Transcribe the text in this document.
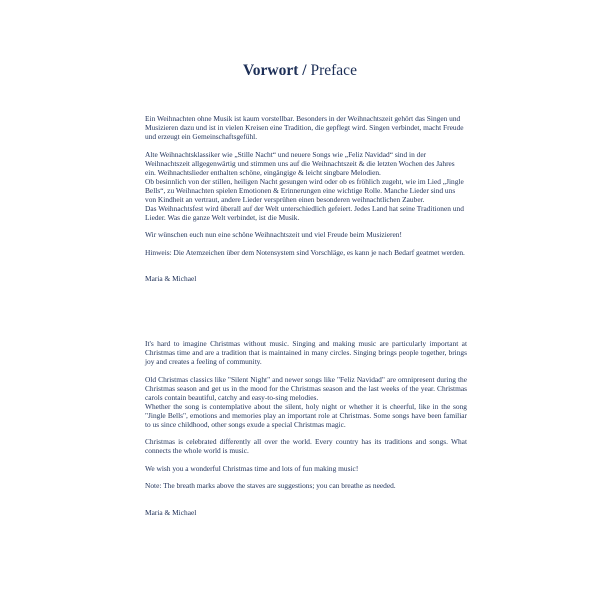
Vorwort / Preface

Ein Weihnachten ohne Musik ist kaum vorstellbar. Besonders in der Weihnachtszeit gehört das Singen und Musizieren dazu und ist in vielen Kreisen eine Tradition, die gepflegt wird. Singen verbindet, macht Freude und erzeugt ein Gemeinschaftsgefühl.

Alte Weihnachtsklassiker wie „Stille Nacht“ und neuere Songs wie „Feliz Navidad“ sind in der Weihnachtszeit allgegenwärtig und stimmen uns auf die Weihnachtszeit & die letzten Wochen des Jahres ein. Weihnachtslieder enthalten schöne, eingängige & leicht singbare Melodien.

Ob besinnlich von der stillen, heiligen Nacht gesungen wird oder ob es fröhlich zugeht, wie im Lied „Jingle Bells“, zu Weihnachten spielen Emotionen & Erinnerungen eine wichtige Rolle. Manche Lieder sind uns von Kindheit an vertraut, andere Lieder versprühen einen besonderen weihnachtlichen Zauber.

Das Weihnachtsfest wird überall auf der Welt unterschiedlich gefeiert. Jedes Land hat seine Traditionen und Lieder. Was die ganze Welt verbindet, ist die Musik.

Wir wünschen euch nun eine schöne Weihnachtszeit und viel Freude beim Musizieren!

Hinweis: Die Atemzeichen über dem Notensystem sind Vorschläge, es kann je nach Bedarf geatmet werden.

Maria & Michael

It's hard to imagine Christmas without music. Singing and making music are particularly important at Christmas time and are a tradition that is maintained in many circles. Singing brings people together, brings joy and creates a feeling of community.

Old Christmas classics like "Silent Night" and newer songs like "Feliz Navidad" are omnipresent during the Christmas season and get us in the mood for the Christmas season and the last weeks of the year. Christmas carols contain beautiful, catchy and easy-to-sing melodies.

Whether the song is contemplative about the silent, holy night or whether it is cheerful, like in the song "Jingle Bells", emotions and memories play an important role at Christmas. Some songs have been familiar to us since childhood, other songs exude a special Christmas magic.

Christmas is celebrated differently all over the world. Every country has its traditions and songs. What connects the whole world is music.

We wish you a wonderful Christmas time and lots of fun making music!

Note: The breath marks above the staves are suggestions; you can breathe as needed.

Maria & Michael
